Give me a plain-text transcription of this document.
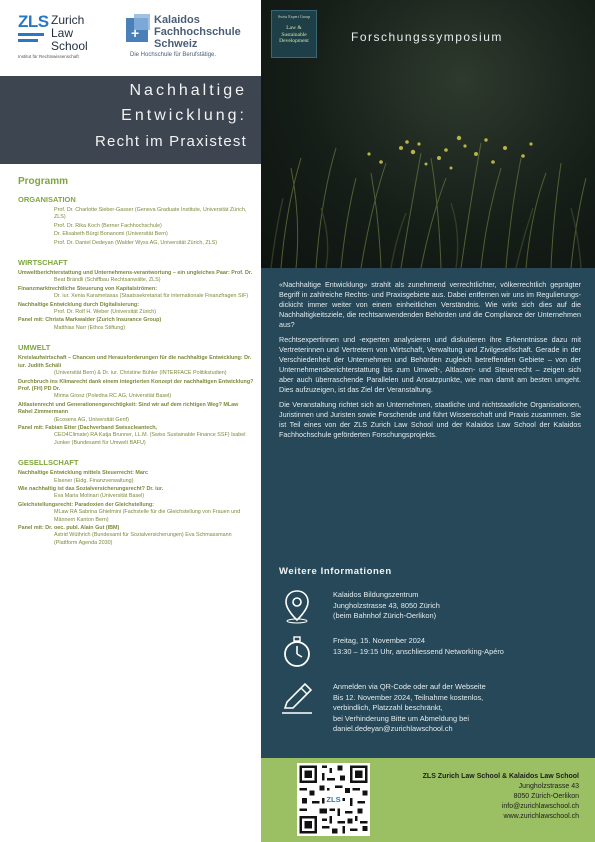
ZLS Zurich
Law
School
Institut für Rechtswissenschaft
+
Kalaidos
Fachhochschule
Schweiz
Die Hochschule für Berufstätige.
Nachhaltige
Entwicklung:
Recht im Praxistest
Programm
ORGANISATION
Prof. Dr. Charlotte Sieber-Gasser (Geneva Graduate Institute, Universität Zürich, ZLS)
Prof. Dr. Rika Koch (Berner Fachhochschule)
Dr. Elisabeth Bürgi Bonanomi (Universität Bern)
Prof. Dr. Daniel Dedeyan (Walder Wyss AG, Universität Zürich, ZLS)
WIRTSCHAFT
Umweltberichterstattung und Unternehmens-verantwortung – ein ungleiches Paar: Prof. Dr.
Beat Brändli (Schiffbau Rechtsanwälte, ZLS)
Finanzmarktrechtliche Steuerung von Kapitalströmen:
Dr. iur. Xenia Karametaxas (Staatssekretariat für internationale Finanzfragen SIF)
Nachhaltige Entwicklung durch Digitalisierung:
Prof. Dr. Rolf H. Weber (Universität Zürich)
Panel mit: Christa Markwalder (Zurich Insurance Group)
Matthias Narr (Ethos Stiftung)
UMWELT
Kreislaufwirtschaft – Chancen und Herausforderungen für die nachhaltige Entwicklung: Dr. iur. Judith Schäli
(Universität Bern) & Dr. iur. Christine Bühler (INTERFACE Politikstudien)
Durchbruch ins Klimarecht dank einem integrierten Konzept der nachhaltigen Entwicklung? Prof. (FH) PD Dr.
Mirina Grosz (Poledna RC AG, Universität Basel)
Altlastenrecht und Generationengerechtigkeit: Sind wir auf dem richtigen Weg? MLaw Rahel Zimmermann
(Ecosens AG, Universität Genf)
Panel mit: Fabian Etter (Dachverband Swisscleantech,
CEO4Climate) RA Katja Brunner, LL.M. (Swiss Sustainable Finance SSF) Isabel Junker (Bundesamt für Umwelt BAFU)
GESELLSCHAFT
Nachhaltige Entwicklung mittels Steuerrecht: Marc
Elsener (Eidg. Finanzverwaltung)
Wie nachhaltig ist das Sozialversicherungsrecht? Dr. iur.
Eva Maria Molinari (Universität Basel)
Gleichstellungsrecht: Paradoxien der Gleichstellung:
MLaw RA Sabrina Ghielmini (Fachstelle für die Gleichstellung von Frauen und Männern Kanton Bern)
Panel mit: Dr. oec. publ. Alain Gut (IBM)
Astrid Wüthrich (Bundesamt für Sozialversicherungen) Eva Schmassmann (Plattform Agenda 2030)
Swiss Expert Group
Law &
Sustainable
Development	Forschungssymposium

«Nachhaltige Entwicklung» strahlt als zunehmend verrechtlichter, völkerrechtlich geprägter Begriff in zahlreiche Rechts- und Praxisgebiete aus. Dabei entfernen wir uns im Regulierungs-dickicht immer weiter von einem einheitlichen Verständnis. Wie wirkt sich dies auf die Nachhaltigkeitsziele, die rechtsanwendenden Behörden und die Compliance der Unternehmen aus?

Rechtsexpertinnen und -experten analysieren und diskutieren ihre Erkenntnisse dazu mit Vertreterinnen und Vertretern von Wirtschaft, Verwaltung und Zivilgesellschaft. Gerade in der Verschiedenheit der Unternehmen und Behörden zugleich betreffenden Gebiete – von der Unternehmensberichterstattung bis zum Umwelt-, Altlasten- und Steuerrecht – zeigen sich aber auch überraschende Parallelen und Ansatzpunkte, wie man damit am besten umgeht. Dies aufzuzeigen, ist das Ziel der Veranstaltung.

Die Veranstaltung richtet sich an Unternehmen, staatliche und nichtstaatliche Organisationen, Juristinnen und Juristen sowie Forschende und führt Wissenschaft und Praxis zusammen. Sie ist Teil eines von der ZLS Zurich Law School und der Kalaidos Law School der Kalaidos Fachhochschule geförderten Forschungsprojekts.

Weitere Informationen
Kalaidos Bildungszentrum
Jungholzstrasse 43, 8050 Zürich
(beim Bahnhof Zürich-Oerlikon)
Freitag, 15. November 2024
13:30 – 19:15 Uhr, anschliessend Networking-Apéro
Anmelden via QR-Code oder auf der Webseite
Bis 12. November 2024, Teilnahme kostenlos,
verbindlich, Platzzahl beschränkt,
bei Verhinderung Bitte um Abmeldung bei
daniel.dedeyan@zurichlawschool.ch
ZLS
ZLS Zurich Law School & Kalaidos Law School
Jungholzstrasse 43
8050 Zürich-Oerlikon
info@zurichlawschool.ch
www.zurichlawschool.ch
